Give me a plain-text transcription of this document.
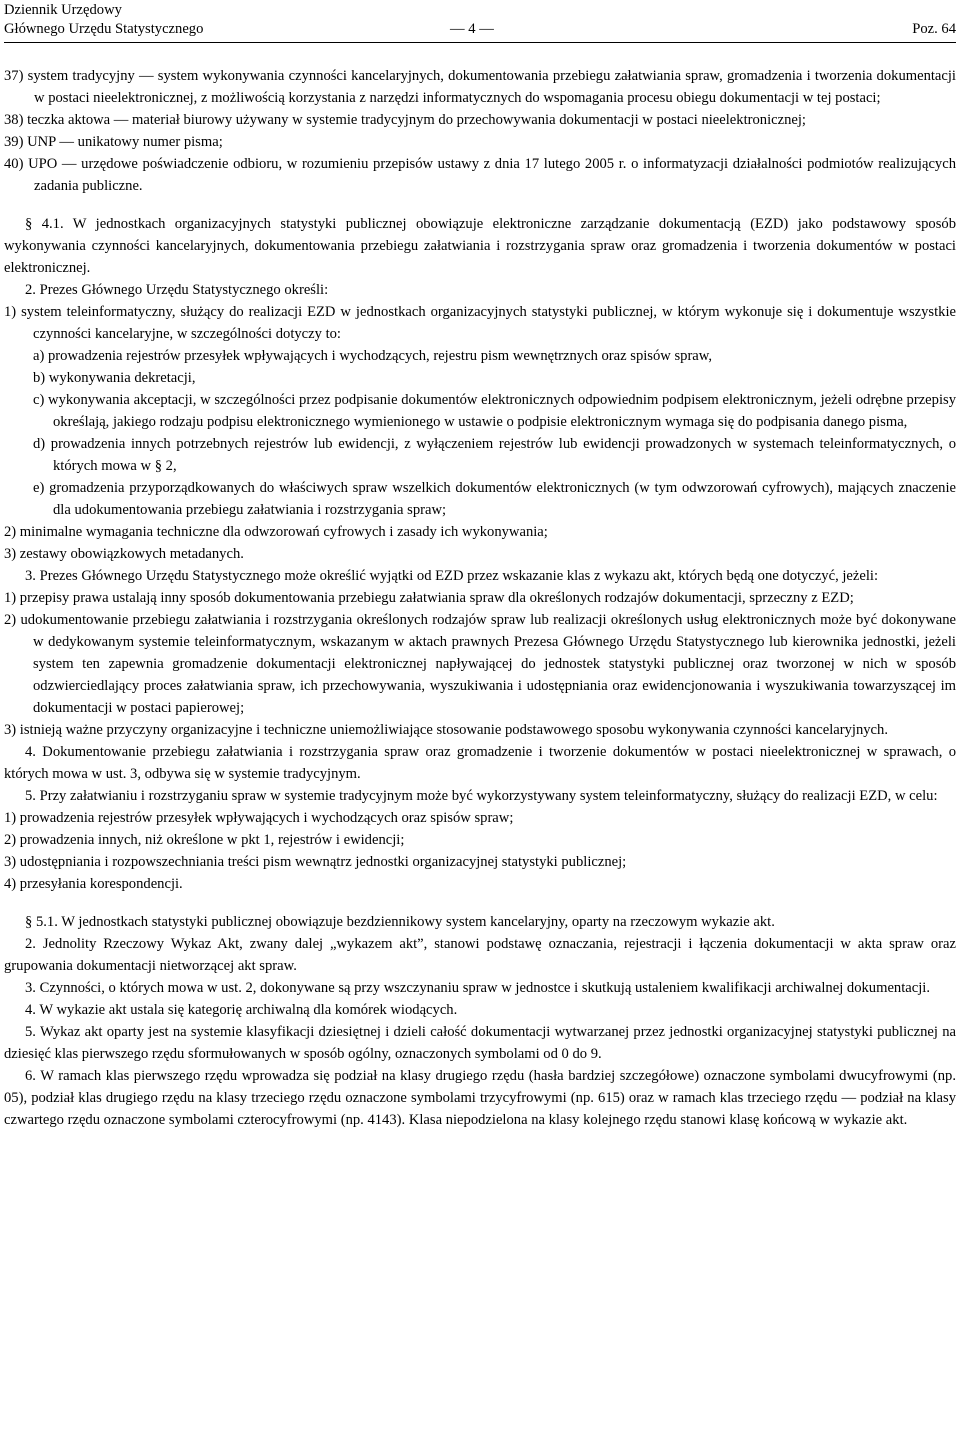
Dziennik Urzędowy
Głównego Urzędu Statystycznego	— 4 —	Poz. 64

37) system tradycyjny — system wykonywania czynności kancelaryjnych, dokumentowania przebiegu załatwiania spraw, gromadzenia i tworzenia dokumentacji w postaci nieelektronicznej, z możliwością korzystania z narzędzi informatycznych do wspomagania procesu obiegu dokumentacji w tej postaci;

38) teczka aktowa — materiał biurowy używany w systemie tradycyjnym do przechowywania dokumentacji w postaci nieelektronicznej;

39) UNP — unikatowy numer pisma;

40) UPO — urzędowe poświadczenie odbioru, w rozumieniu przepisów ustawy z dnia 17 lutego 2005 r. o informatyzacji działalności podmiotów realizujących zadania publiczne.

§ 4.1. W jednostkach organizacyjnych statystyki publicznej obowiązuje elektroniczne zarządzanie dokumentacją (EZD) jako podstawowy sposób wykonywania czynności kancelaryjnych, dokumentowania przebiegu załatwiania i rozstrzygania spraw oraz gromadzenia i tworzenia dokumentów w postaci elektronicznej.

2. Prezes Głównego Urzędu Statystycznego określi:

1) system teleinformatyczny, służący do realizacji EZD w jednostkach organizacyjnych statystyki publicznej, w którym wykonuje się i dokumentuje wszystkie czynności kancelaryjne, w szczególności dotyczy to:

a) prowadzenia rejestrów przesyłek wpływających i wychodzących, rejestru pism wewnętrznych oraz spisów spraw,

b) wykonywania dekretacji,

c) wykonywania akceptacji, w szczególności przez podpisanie dokumentów elektronicznych odpowiednim podpisem elektronicznym, jeżeli odrębne przepisy określają, jakiego rodzaju podpisu elektronicznego wymienionego w ustawie o podpisie elektronicznym wymaga się do podpisania danego pisma,

d) prowadzenia innych potrzebnych rejestrów lub ewidencji, z wyłączeniem rejestrów lub ewidencji prowadzonych w systemach teleinformatycznych, o których mowa w § 2,

e) gromadzenia przyporządkowanych do właściwych spraw wszelkich dokumentów elektronicznych (w tym odwzorowań cyfrowych), mających znaczenie dla udokumentowania przebiegu załatwiania i rozstrzygania spraw;

2) minimalne wymagania techniczne dla odwzorowań cyfrowych i zasady ich wykonywania;

3) zestawy obowiązkowych metadanych.

3. Prezes Głównego Urzędu Statystycznego może określić wyjątki od EZD przez wskazanie klas z wykazu akt, których będą one dotyczyć, jeżeli:

1) przepisy prawa ustalają inny sposób dokumentowania przebiegu załatwiania spraw dla określonych rodzajów dokumentacji, sprzeczny z EZD;

2) udokumentowanie przebiegu załatwiania i rozstrzygania określonych rodzajów spraw lub realizacji określonych usług elektronicznych może być dokonywane w dedykowanym systemie teleinformatycznym, wskazanym w aktach prawnych Prezesa Głównego Urzędu Statystycznego lub kierownika jednostki, jeżeli system ten zapewnia gromadzenie dokumentacji elektronicznej napływającej do jednostek statystyki publicznej oraz tworzonej w nich w sposób odzwierciedlający proces załatwiania spraw, ich przechowywania, wyszukiwania i udostępniania oraz ewidencjonowania i wyszukiwania towarzyszącej im dokumentacji w postaci papierowej;

3) istnieją ważne przyczyny organizacyjne i techniczne uniemożliwiające stosowanie podstawowego sposobu wykonywania czynności kancelaryjnych.

4. Dokumentowanie przebiegu załatwiania i rozstrzygania spraw oraz gromadzenie i tworzenie dokumentów w postaci nieelektronicznej w sprawach, o których mowa w ust. 3, odbywa się w systemie tradycyjnym.

5. Przy załatwianiu i rozstrzyganiu spraw w systemie tradycyjnym może być wykorzystywany system teleinformatyczny, służący do realizacji EZD, w celu:

1) prowadzenia rejestrów przesyłek wpływających i wychodzących oraz spisów spraw;

2) prowadzenia innych, niż określone w pkt 1, rejestrów i ewidencji;

3) udostępniania i rozpowszechniania treści pism wewnątrz jednostki organizacyjnej statystyki publicznej;

4) przesyłania korespondencji.

§ 5.1. W jednostkach statystyki publicznej obowiązuje bezdziennikowy system kancelaryjny, oparty na rzeczowym wykazie akt.

2. Jednolity Rzeczowy Wykaz Akt, zwany dalej „wykazem akt”, stanowi podstawę oznaczania, rejestracji i łączenia dokumentacji w akta spraw oraz grupowania dokumentacji nietworzącej akt spraw.

3. Czynności, o których mowa w ust. 2, dokonywane są przy wszczynaniu spraw w jednostce i skutkują ustaleniem kwalifikacji archiwalnej dokumentacji.

4. W wykazie akt ustala się kategorię archiwalną dla komórek wiodących.

5. Wykaz akt oparty jest na systemie klasyfikacji dziesiętnej i dzieli całość dokumentacji wytwarzanej przez jednostki organizacyjnej statystyki publicznej na dziesięć klas pierwszego rzędu sformułowanych w sposób ogólny, oznaczonych symbolami od 0 do 9.

6. W ramach klas pierwszego rzędu wprowadza się podział na klasy drugiego rzędu (hasła bardziej szczegółowe) oznaczone symbolami dwucyfrowymi (np. 05), podział klas drugiego rzędu na klasy trzeciego rzędu oznaczone symbolami trzycyfrowymi (np. 615) oraz w ramach klas trzeciego rzędu — podział na klasy czwartego rzędu oznaczone symbolami czterocyfrowymi (np. 4143). Klasa niepodzielona na klasy kolejnego rzędu stanowi klasę końcową w wykazie akt.
